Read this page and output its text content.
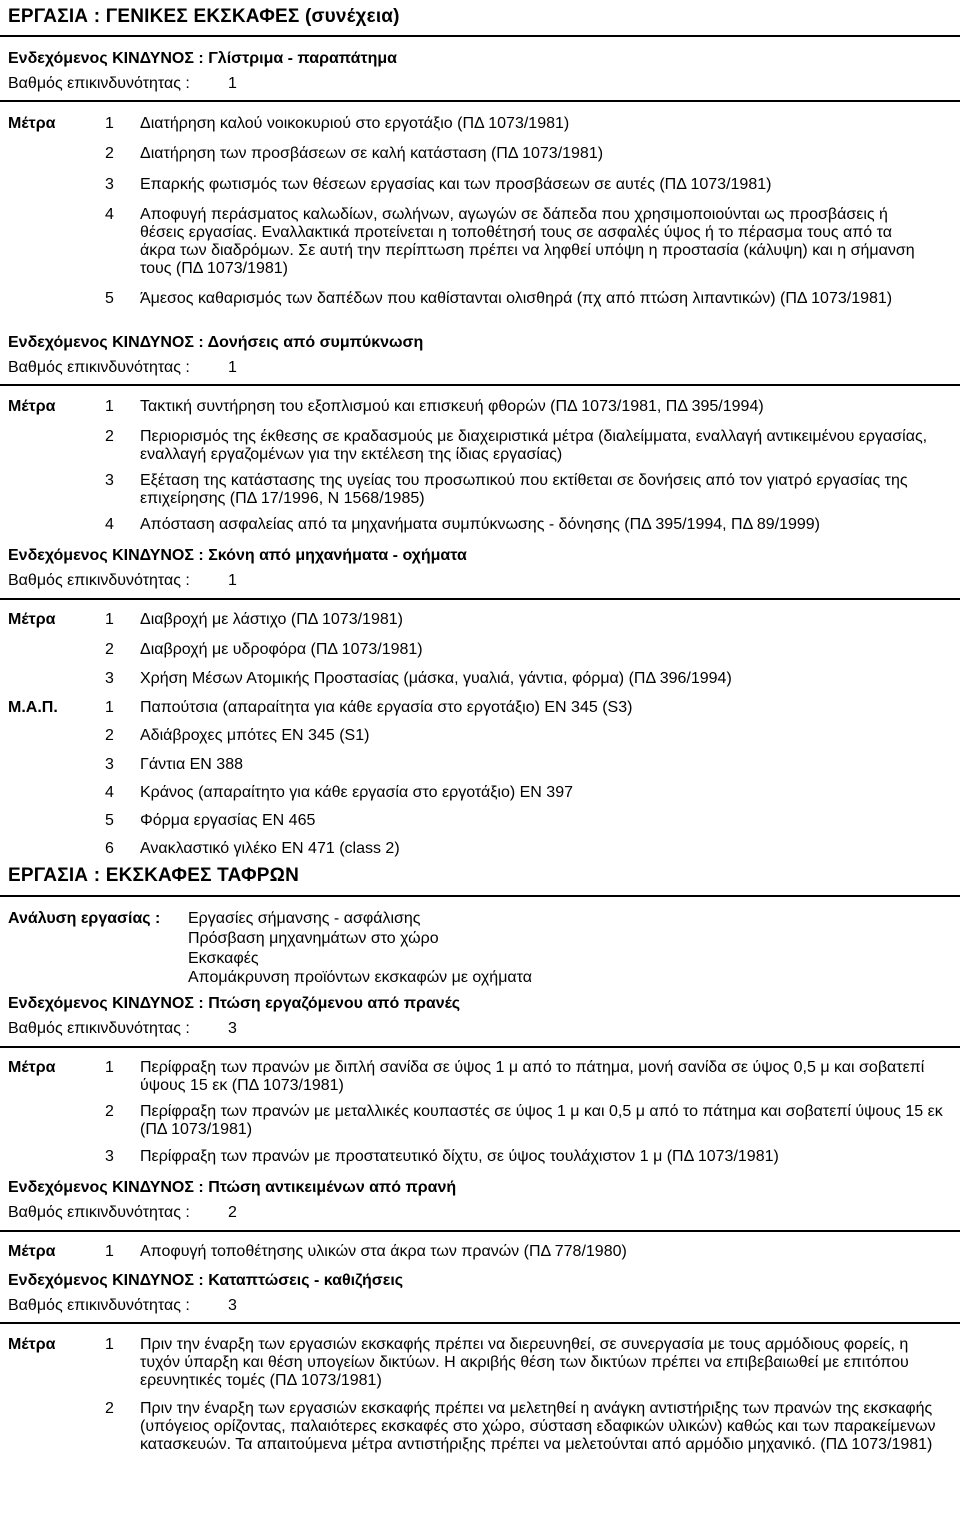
ΕΡΓΑΣΙΑ : ΓΕΝΙΚΕΣ ΕΚΣΚΑΦΕΣ (συνέχεια)
Ενδεχόμενος ΚΙΝΔΥΝΟΣ : Γλίστριμα - παραπάτημα
Βαθμός επικινδυνότητας : 1
Μέτρα	1	Διατήρηση καλού νοικοκυριού στο εργοτάξιο (ΠΔ 1073/1981)
2	Διατήρηση των προσβάσεων σε καλή κατάσταση (ΠΔ 1073/1981)
3	Επαρκής φωτισμός των θέσεων εργασίας και των προσβάσεων σε αυτές (ΠΔ 1073/1981)
4	Αποφυγή περάσματος καλωδίων, σωλήνων, αγωγών σε δάπεδα που χρησιμοποιούνται ως προσβάσεις ή θέσεις εργασίας. Εναλλακτικά προτείνεται η τοποθέτησή τους σε ασφαλές ύψος ή το πέρασμα τους από τα άκρα των διαδρόμων. Σε αυτή την περίπτωση πρέπει να ληφθεί υπόψη η προστασία (κάλυψη) και η σήμανση τους (ΠΔ 1073/1981)
5	Άμεσος καθαρισμός των δαπέδων που καθίστανται ολισθηρά (πχ από πτώση λιπαντικών) (ΠΔ 1073/1981)
Ενδεχόμενος ΚΙΝΔΥΝΟΣ : Δονήσεις από συμπύκνωση
Βαθμός επικινδυνότητας : 1
Μέτρα	1	Τακτική συντήρηση του εξοπλισμού και επισκευή φθορών (ΠΔ 1073/1981, ΠΔ 395/1994)
2	Περιορισμός της έκθεσης σε κραδασμούς με διαχειριστικά μέτρα (διαλείμματα, εναλλαγή αντικειμένου εργασίας, εναλλαγή εργαζομένων για την εκτέλεση της ίδιας εργασίας)
3	Εξέταση της κατάστασης της υγείας του προσωπικού που εκτίθεται σε δονήσεις από τον γιατρό εργασίας της επιχείρησης (ΠΔ 17/1996, Ν 1568/1985)
4	Απόσταση ασφαλείας από τα μηχανήματα συμπύκνωσης - δόνησης (ΠΔ 395/1994, ΠΔ 89/1999)
Ενδεχόμενος ΚΙΝΔΥΝΟΣ : Σκόνη από μηχανήματα - οχήματα
Βαθμός επικινδυνότητας : 1
Μέτρα	1	Διαβροχή με λάστιχο (ΠΔ 1073/1981)
2	Διαβροχή με υδροφόρα (ΠΔ 1073/1981)
3	Χρήση Μέσων Ατομικής Προστασίας (μάσκα, γυαλιά, γάντια, φόρμα) (ΠΔ 396/1994)
Μ.Α.Π.	1	Παπούτσια (απαραίτητα για κάθε εργασία στο εργοτάξιο) EN 345 (S3)
2	Αδιάβροχες μπότες EN 345 (S1)
3	Γάντια EN 388
4	Κράνος (απαραίτητο για κάθε εργασία στο εργοτάξιο) EN 397
5	Φόρμα εργασίας EN 465
6	Ανακλαστικό γιλέκο EN 471 (class 2)
ΕΡΓΑΣΙΑ : ΕΚΣΚΑΦΕΣ ΤΑΦΡΩΝ
Ανάλυση εργασίας : Εργασίες σήμανσης - ασφάλισης
Πρόσβαση μηχανημάτων στο χώρο
Εκσκαφές
Απομάκρυνση προϊόντων εκσκαφών με οχήματα
Ενδεχόμενος ΚΙΝΔΥΝΟΣ : Πτώση εργαζόμενου από πρανές
Βαθμός επικινδυνότητας : 3
Μέτρα	1	Περίφραξη των πρανών με διπλή σανίδα σε ύψος 1 μ από το πάτημα, μονή σανίδα σε ύψος 0,5 μ και σοβατεπί ύψους 15 εκ (ΠΔ 1073/1981)
2	Περίφραξη των πρανών με μεταλλικές κουπαστές σε ύψος 1 μ και 0,5 μ από το πάτημα και σοβατεπί ύψους 15 εκ (ΠΔ 1073/1981)
3	Περίφραξη των πρανών με προστατευτικό δίχτυ, σε ύψος τουλάχιστον 1 μ (ΠΔ 1073/1981)
Ενδεχόμενος ΚΙΝΔΥΝΟΣ : Πτώση αντικειμένων από πρανή
Βαθμός επικινδυνότητας : 2
Μέτρα	1	Αποφυγή τοποθέτησης υλικών στα άκρα των πρανών (ΠΔ 778/1980)
Ενδεχόμενος ΚΙΝΔΥΝΟΣ : Καταπτώσεις - καθιζήσεις
Βαθμός επικινδυνότητας : 3
Μέτρα	1	Πριν την έναρξη των εργασιών εκσκαφής πρέπει να διερευνηθεί, σε συνεργασία με τους αρμόδιους φορείς, η τυχόν ύπαρξη και θέση υπογείων δικτύων. Η ακριβής θέση των δικτύων πρέπει να επιβεβαιωθεί με επιτόπου ερευνητικές τομές (ΠΔ 1073/1981)
2	Πριν την έναρξη των εργασιών εκσκαφής πρέπει να μελετηθεί η ανάγκη αντιστήριξης των πρανών της εκσκαφής (υπόγειος ορίζοντας, παλαιότερες εκσκαφές στο χώρο, σύσταση εδαφικών υλικών) καθώς και των παρακείμενων κατασκευών. Τα απαιτούμενα μέτρα αντιστήριξης πρέπει να μελετούνται από αρμόδιο μηχανικό. (ΠΔ 1073/1981)
